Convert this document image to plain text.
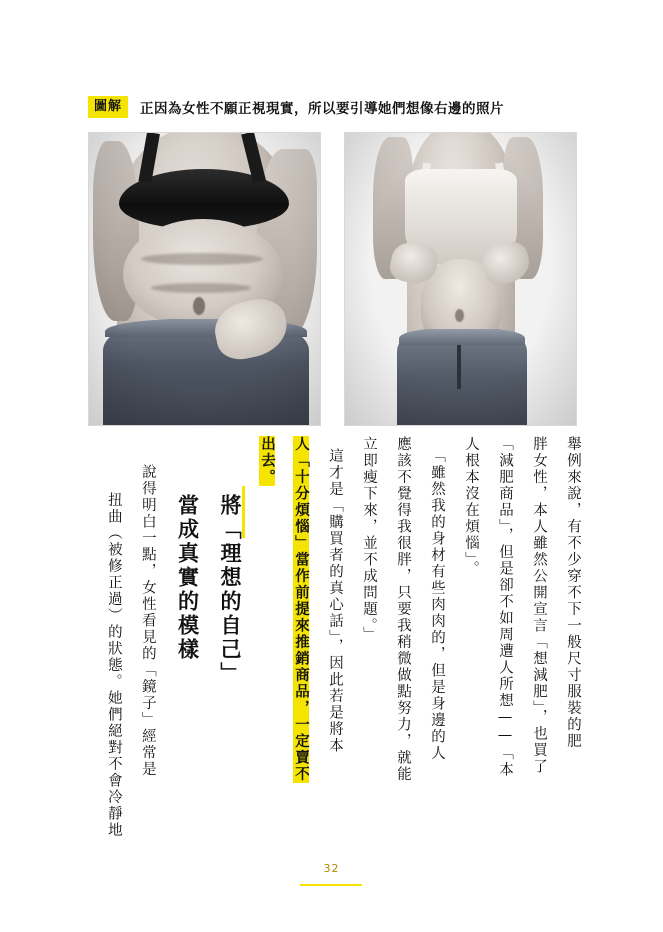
圖解	正因為女性不願正視現實，所以要引導她們想像右邊的照片
舉例來說，有不少穿不下一般尺寸服裝的肥
胖女性，本人雖然公開宣言「想減肥」，也買了
「減肥商品」，但是卻不如周遭人所想——「本
人根本沒在煩惱」。
「雖然我的身材有些肉肉的，但是身邊的人
應該不覺得我很胖，只要我稍微做點努力，就能
立即瘦下來，並不成問題。」
這才是「購買者的真心話」，因此若是將本
人「十分煩惱」當作前提來推銷商品，一定賣不
出去。
將「理想的自己」
當成真實的模樣
說得明白一點，女性看見的「鏡子」經常是
扭曲（被修正過）的狀態。她們絕對不會冷靜地
32
